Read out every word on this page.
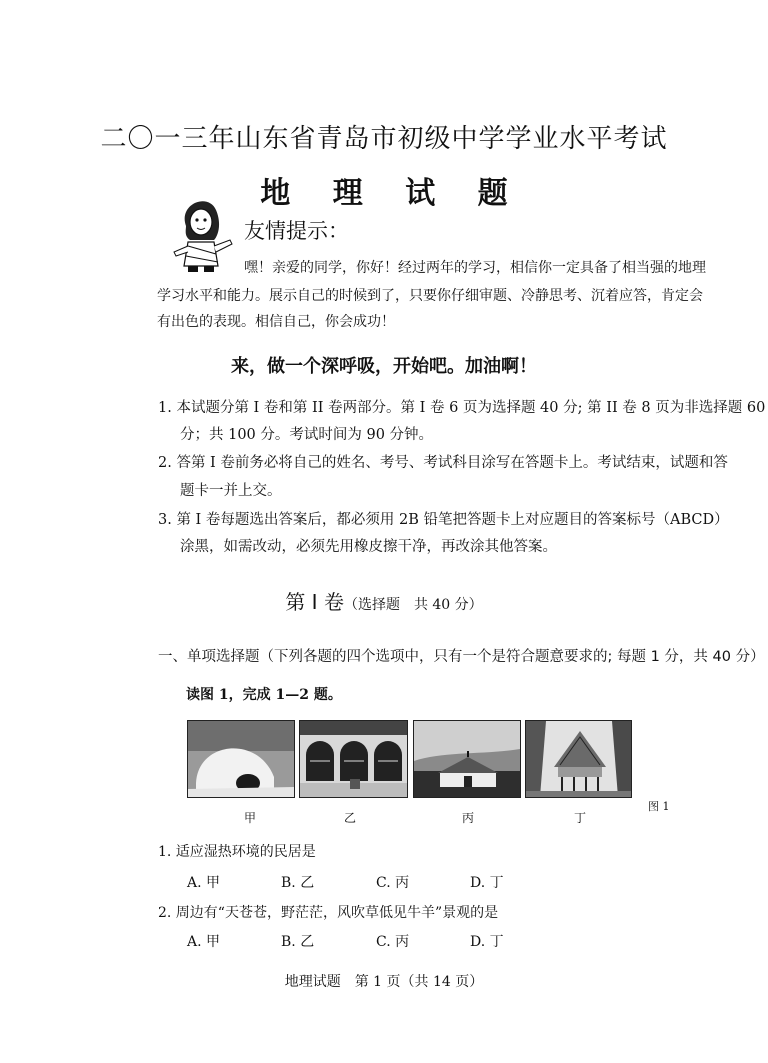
二〇一三年山东省青岛市初级中学学业水平考试
地 理 试 题
友情提示：
嘿！亲爱的同学，你好！经过两年的学习，相信你一定具备了相当强的地理
学习水平和能力。展示自己的时候到了，只要你仔细审题、冷静思考、沉着应答，肯定会
有出色的表现。相信自己，你会成功！
来，做一个深呼吸，开始吧。加油啊！
1. 本试题分第 I 卷和第 II 卷两部分。第 I 卷 6 页为选择题 40 分; 第 II 卷 8 页为非选择题 60
分；共 100 分。考试时间为 90 分钟。
2. 答第 I 卷前务必将自己的姓名、考号、考试科目涂写在答题卡上。考试结束，试题和答
题卡一并上交。
3. 第 I 卷每题选出答案后，都必须用 2B 铅笔把答题卡上对应题目的答案标号（ABCD）
涂黑，如需改动，必须先用橡皮擦干净，再改涂其他答案。
第 Ⅰ 卷（选择题　共 40 分）
一、单项选择题（下列各题的四个选项中，只有一个是符合题意要求的; 每题 1 分，共 40 分）
读图 1，完成 1—2 题。
甲	乙	丙	丁
图 1
1. 适应湿热环境的民居是
A. 甲	B. 乙	C. 丙	D. 丁
2. 周边有“天苍苍，野茫茫，风吹草低见牛羊”景观的是
A. 甲	B. 乙	C. 丙	D. 丁
地理试题　第 1 页（共 14 页）
